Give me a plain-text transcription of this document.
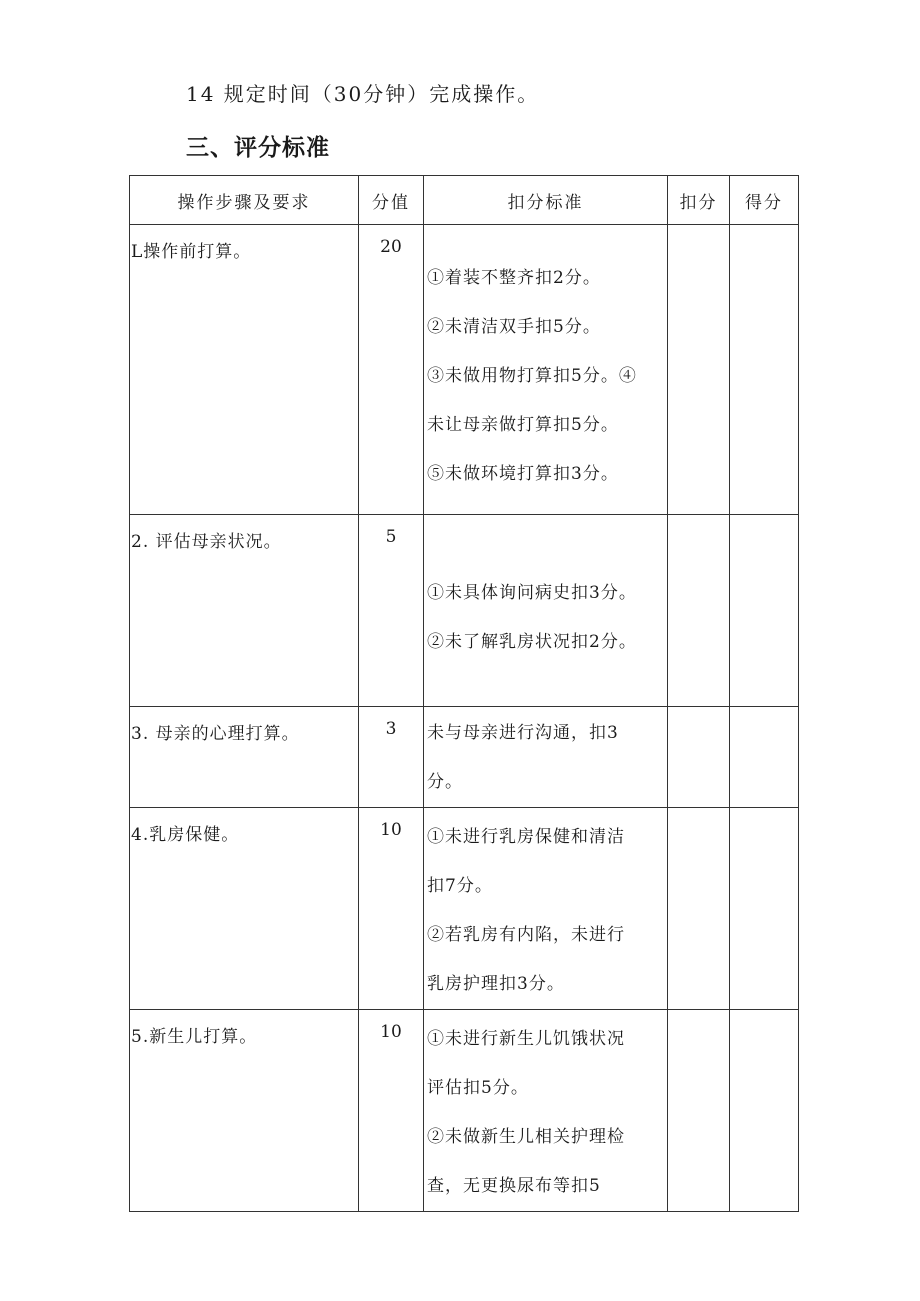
14 规定时间（30分钟）完成操作。
三、评分标准
操作步骤及要求	分值	扣分标准	扣分	得分
L操作前打算。	20	①着装不整齐扣2分。
②未清洁双手扣5分。
③未做用物打算扣5分。④
未让母亲做打算扣5分。
⑤未做环境打算扣3分。		

2. 评估母亲状况。	5	①未具体询问病史扣3分。
②未了解乳房状况扣2分。		

3. 母亲的心理打算。	3	未与母亲进行沟通，扣3
分。		

4.乳房保健。	10	①未进行乳房保健和清洁
扣7分。
②若乳房有内陷，未进行
乳房护理扣3分。		

5.新生儿打算。	10	①未进行新生儿饥饿状况
评估扣5分。
②未做新生儿相关护理检
查，无更换尿布等扣5		
